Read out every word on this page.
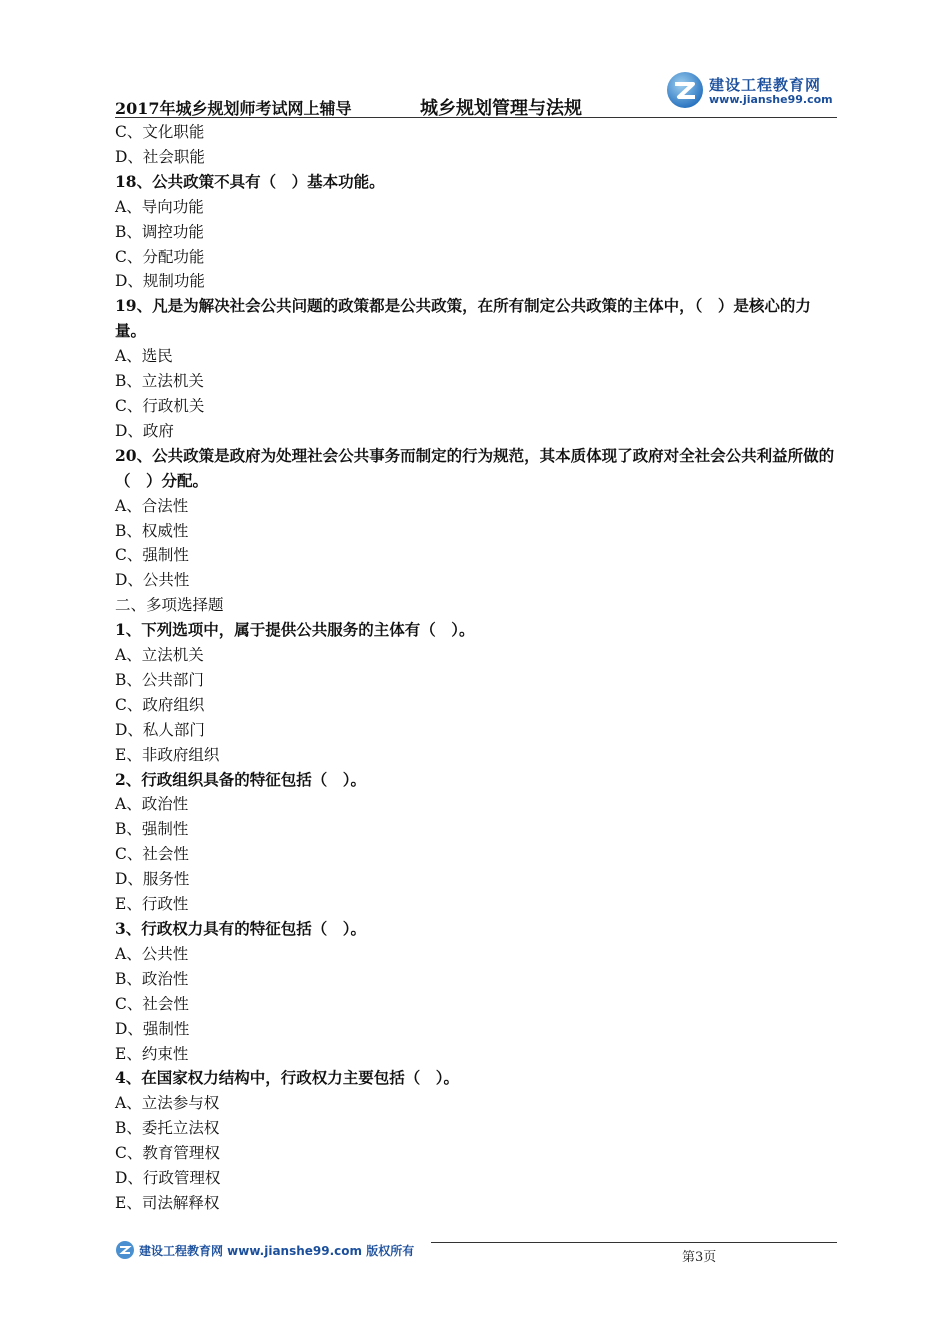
2017年城乡规划师考试网上辅导	城乡规划管理与法规
建设工程教育网
www.jianshe99.com
C、文化职能
D、社会职能
18、公共政策不具有（　）基本功能。
A、导向功能
B、调控功能
C、分配功能
D、规制功能
19、凡是为解决社会公共问题的政策都是公共政策，在所有制定公共政策的主体中，（　）是核心的力量。
A、选民
B、立法机关
C、行政机关
D、政府
20、公共政策是政府为处理社会公共事务而制定的行为规范，其本质体现了政府对全社会公共利益所做的（　）分配。
A、合法性
B、权威性
C、强制性
D、公共性
二、多项选择题
1、下列选项中，属于提供公共服务的主体有（　）。
A、立法机关
B、公共部门
C、政府组织
D、私人部门
E、非政府组织
2、行政组织具备的特征包括（　）。
A、政治性
B、强制性
C、社会性
D、服务性
E、行政性
3、行政权力具有的特征包括（　）。
A、公共性
B、政治性
C、社会性
D、强制性
E、约束性
4、在国家权力结构中，行政权力主要包括（　）。
A、立法参与权
B、委托立法权
C、教育管理权
D、行政管理权
E、司法解释权
建设工程教育网 www.jianshe99.com 版权所有	第3页
